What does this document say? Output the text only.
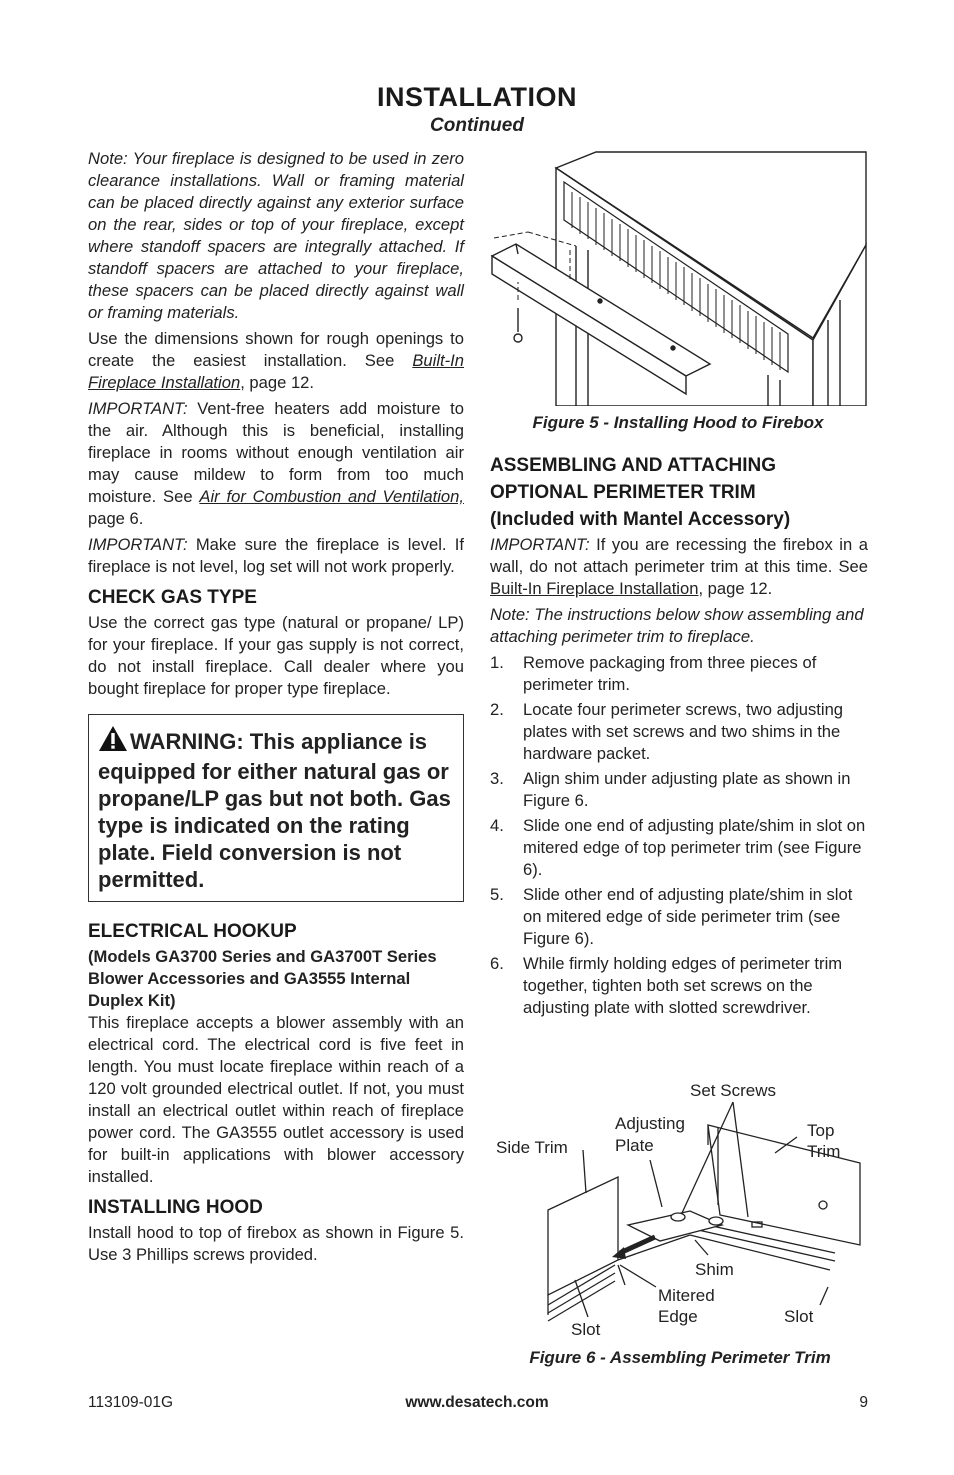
INSTALLATION
Continued

Note: Your fireplace is designed to be used in zero clearance installations. Wall or framing material can be placed directly against any exterior surface on the rear, sides or top of your fireplace, except where standoff spacers are integrally attached. If standoff spacers are attached to your fireplace, these spacers can be placed directly against wall or framing materials.

Use the dimensions shown for rough openings to create the easiest installation. See Built-In Fireplace Installation, page 12.

IMPORTANT: Vent-free heaters add moisture to the air. Although this is beneficial, installing fireplace in rooms without enough ventilation air may cause mildew to form from too much moisture. See Air for Combustion and Ventilation, page 6.

IMPORTANT: Make sure the fireplace is level. If fireplace is not level, log set will not work properly.

CHECK GAS TYPE

Use the correct gas type (natural or propane/ LP) for your fireplace. If your gas supply is not correct, do not install fireplace. Call dealer where you bought fireplace for proper type fireplace.

WARNING: This appliance is equipped for either natural gas or propane/LP gas but not both. Gas type is indicated on the rating plate. Field conversion is not permitted.
ELECTRICAL HOOKUP
(Models GA3700 Series and GA3700T Series Blower Accessories and GA3555 Internal Duplex Kit)

This fireplace accepts a blower assembly with an electrical cord. The electrical cord is five feet in length. You must locate fireplace within reach of a 120 volt grounded electrical outlet. If not, you must install an electrical outlet within reach of fireplace power cord. The GA3555 outlet accessory is used for built-in applications with blower accessory installed.

INSTALLING HOOD

Install hood to top of firebox as shown in Figure 5. Use 3 Phillips screws provided.

Figure 5 - Installing Hood to Firebox
ASSEMBLING AND ATTACHING OPTIONAL PERIMETER TRIM
(Included with Mantel Accessory)

IMPORTANT: If you are recessing the firebox in a wall, do not attach perimeter trim at this time. See Built-In Fireplace Installation, page 12.

Note: The instructions below show assembling and attaching perimeter trim to fireplace.

1. Remove packaging from three pieces of perimeter trim.
2. Locate four perimeter screws, two adjusting plates with set screws and two shims in the hardware packet.
3. Align shim under adjusting plate as shown in Figure 6.
4. Slide one end of adjusting plate/shim in slot on mitered edge of top perimeter trim (see Figure 6).
5. Slide other end of adjusting plate/shim in slot on mitered edge of side perimeter trim (see Figure 6).
6. While firmly holding edges of perimeter trim together, tighten both set screws on the adjusting plate with slotted screwdriver.
Set Screws
Adjusting
Plate
Side Trim
Top
Trim
Shim
Mitered
Edge
Slot
Slot
Figure 6 - Assembling Perimeter Trim
113109-01G	www.desatech.com	9
